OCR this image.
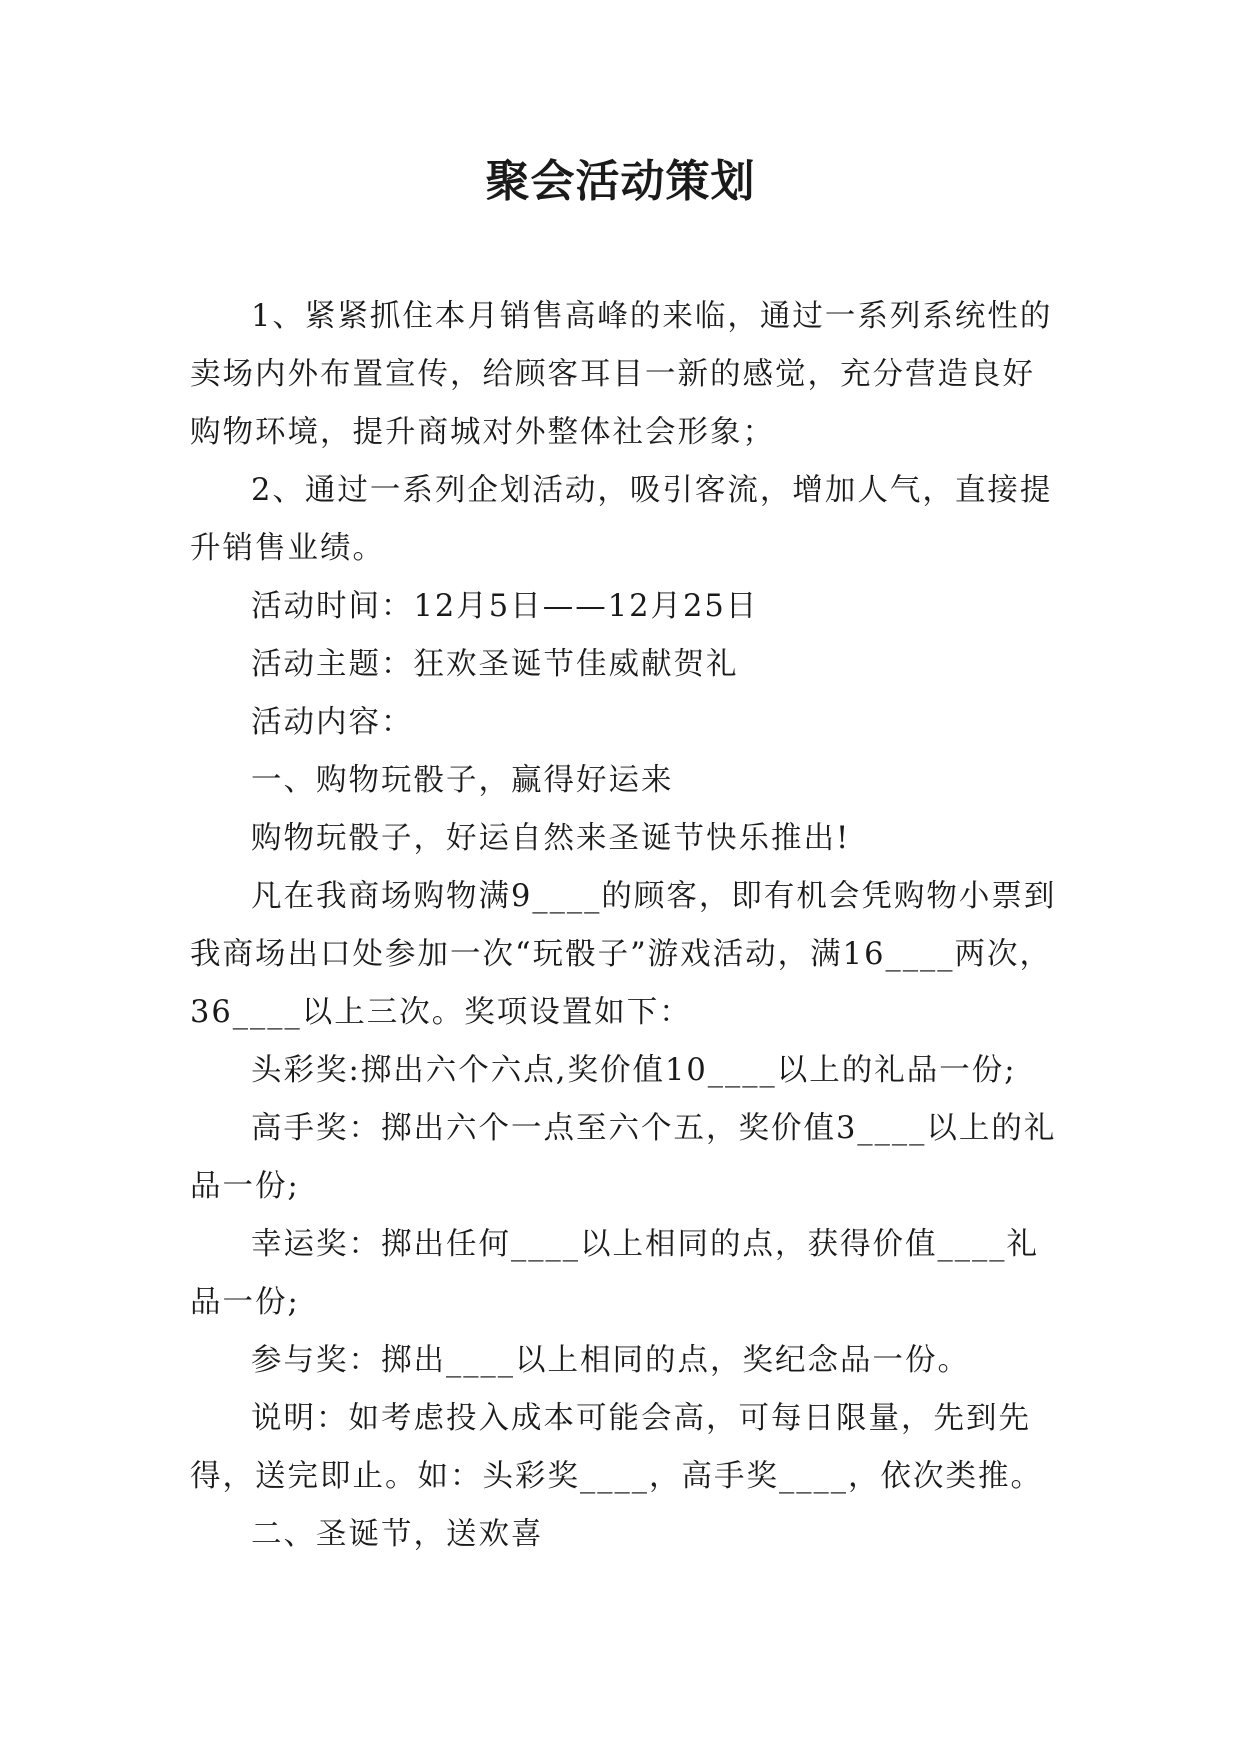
聚会活动策划

1、紧紧抓住本月销售高峰的来临，通过一系列系统性的卖场内外布置宣传，给顾客耳目一新的感觉，充分营造良好购物环境，提升商城对外整体社会形象；

2、通过一系列企划活动，吸引客流，增加人气，直接提升销售业绩。

活动时间：12月5日——12月25日

活动主题：狂欢圣诞节佳威献贺礼

活动内容：

一、购物玩骰子，赢得好运来

购物玩骰子，好运自然来圣诞节快乐推出!

凡在我商场购物满9____的顾客，即有机会凭购物小票到我商场出口处参加一次“玩骰子”游戏活动，满16____两次，36____以上三次。奖项设置如下：

头彩奖:掷出六个六点,奖价值10____以上的礼品一份;

高手奖：掷出六个一点至六个五，奖价值3____以上的礼品一份;

幸运奖：掷出任何____以上相同的点，获得价值____礼品一份;

参与奖：掷出____以上相同的点，奖纪念品一份。

说明：如考虑投入成本可能会高，可每日限量，先到先得，送完即止。如：头彩奖____，高手奖____，依次类推。

二、圣诞节，送欢喜
